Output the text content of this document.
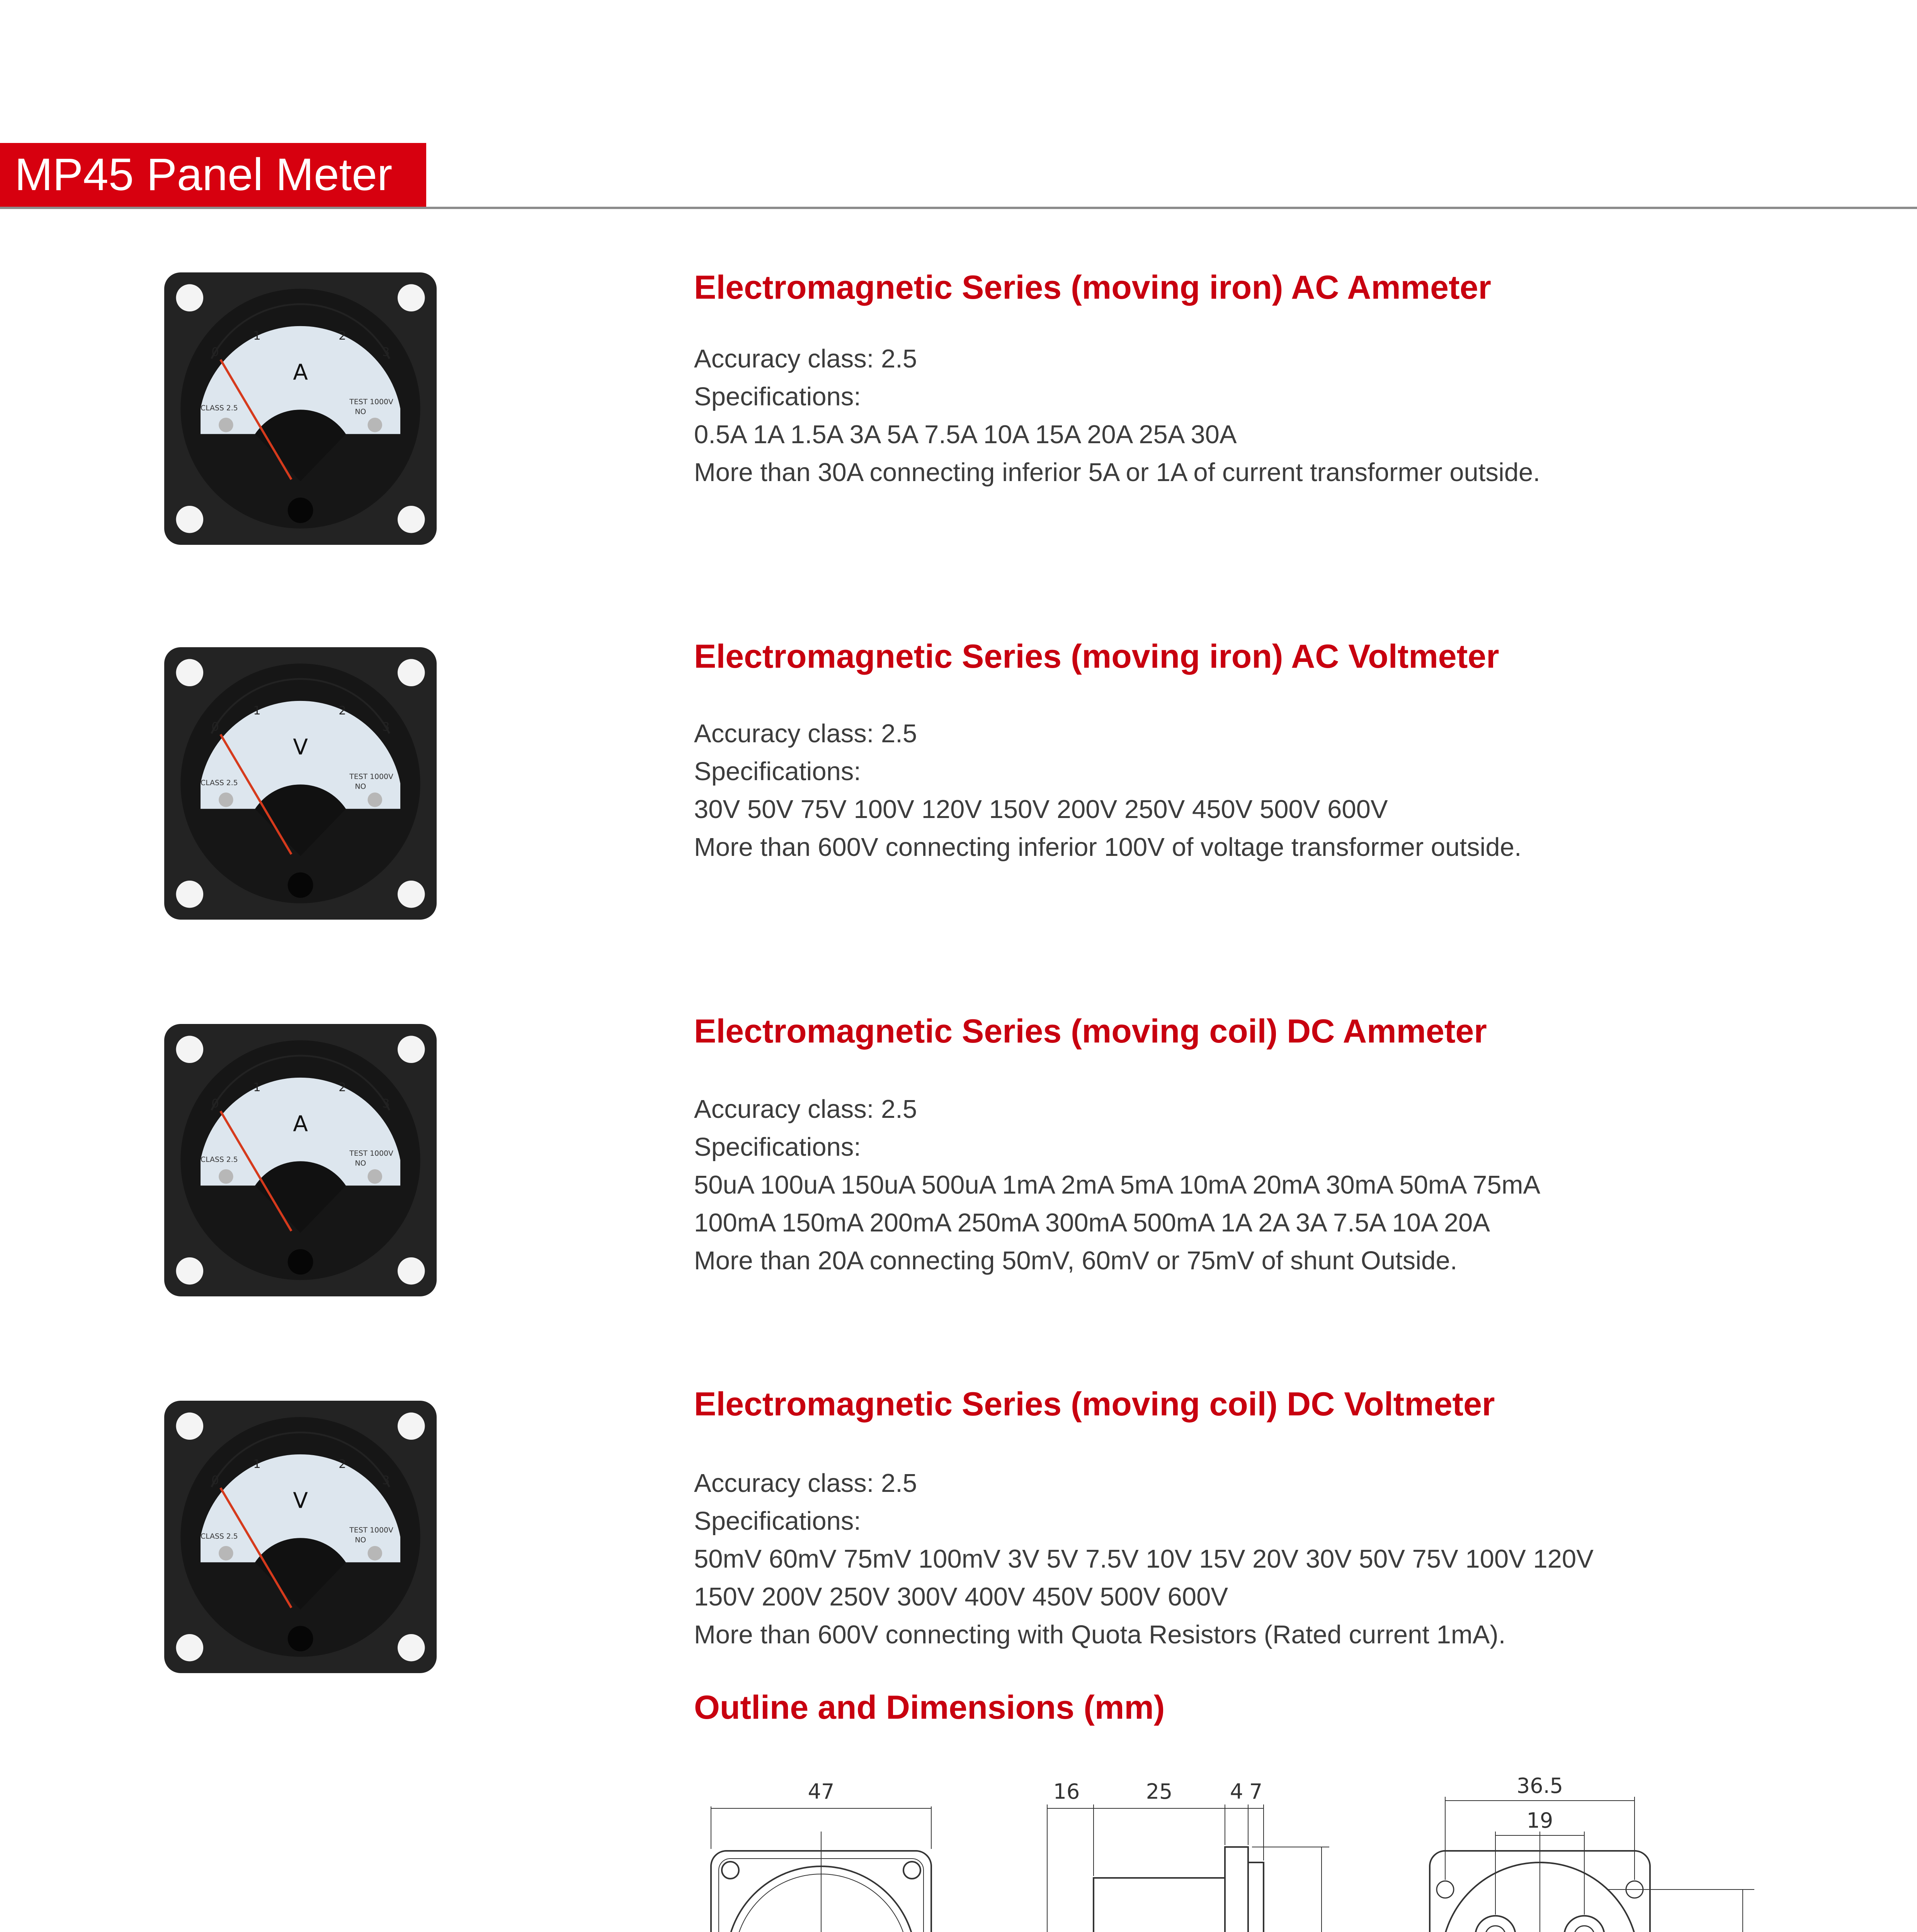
MP45 Panel Meter
0
1	2
3
A
CLASS 2.5
TEST 1000V
NO
Electromagnetic Series (moving iron) AC Ammeter
Accuracy class: 2.5
Specifications:
0.5A 1A 1.5A 3A 5A 7.5A 10A 15A 20A 25A 30A
More than 30A connecting inferior 5A or 1A of current transformer outside.
0
1	2
3
V
CLASS 2.5
TEST 1000V
NO
Electromagnetic Series (moving iron) AC Voltmeter
Accuracy class: 2.5
Specifications:
30V 50V 75V 100V 120V 150V 200V 250V 450V 500V 600V
More than 600V connecting inferior 100V of voltage transformer outside.
0
1	2
3
A
CLASS 2.5
TEST 1000V
NO
Electromagnetic Series (moving coil) DC Ammeter
Accuracy class: 2.5
Specifications:
50uA 100uA 150uA 500uA 1mA 2mA 5mA 10mA 20mA 30mA 50mA 75mA
100mA 150mA 200mA 250mA 300mA 500mA 1A 2A 3A 7.5A 10A 20A
More than 20A connecting 50mV, 60mV or 75mV of shunt Outside.
0
1	2
3
V
CLASS 2.5
TEST 1000V
NO
Electromagnetic Series (moving coil) DC Voltmeter
Accuracy class: 2.5
Specifications:
50mV 60mV 75mV 100mV 3V 5V 7.5V 10V 15V 20V 30V 50V 75V 100V 120V
150V 200V 250V 300V 400V 450V 500V 600V
More than 600V connecting with Quota Resistors (Rated current 1mA).
Outline and Dimensions (mm)
47	16	25	4 7	36.5
19
